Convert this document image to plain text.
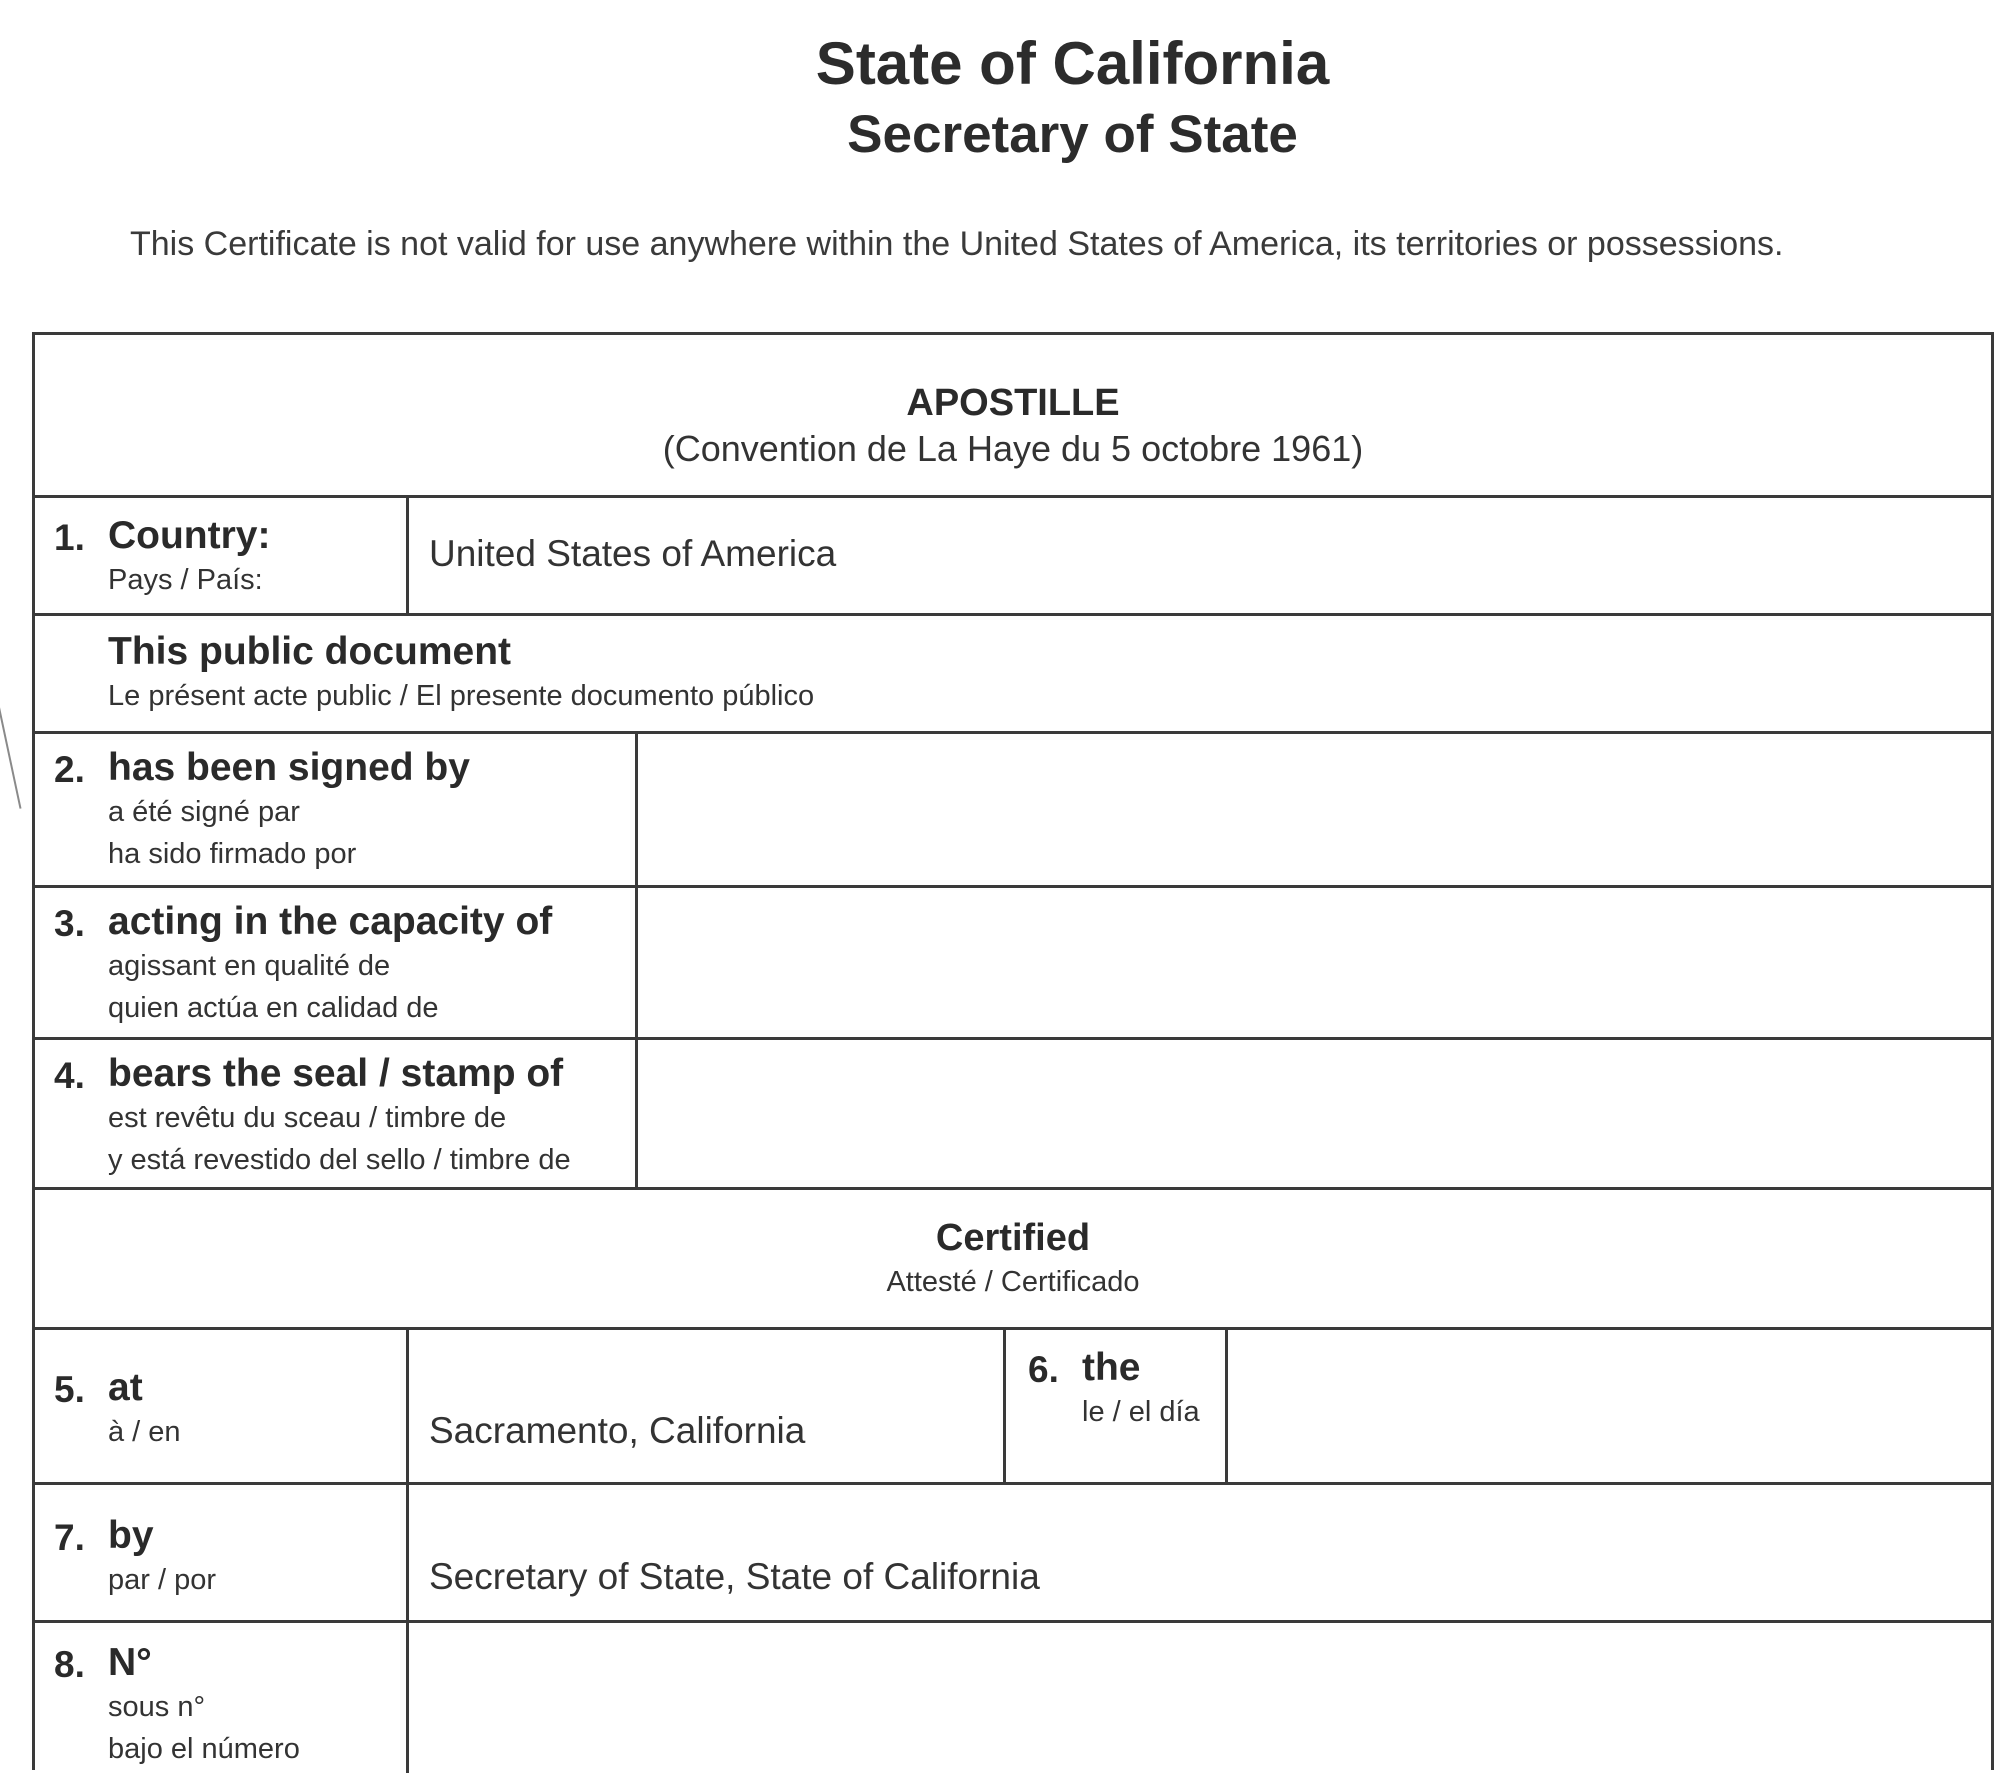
State of California
Secretary of State
This Certificate is not valid for use anywhere within the United States of America, its territories or possessions.
APOSTILLE
(Convention de La Haye du 5 octobre 1961)
1. Country:
Pays / País:
United States of America
This public document
Le présent acte public / El presente documento público
2. has been signed by
a été signé par
ha sido firmado por
3. acting in the capacity of
agissant en qualité de
quien actúa en calidad de
4. bears the seal / stamp of
est revêtu du sceau / timbre de
y está revestido del sello / timbre de
Certified
Attesté / Certificado
5. at
à / en	Sacramento, California
6. the
le / el día
7. by
par / por	Secretary of State, State of California
8. N°
sous n°
bajo el número
